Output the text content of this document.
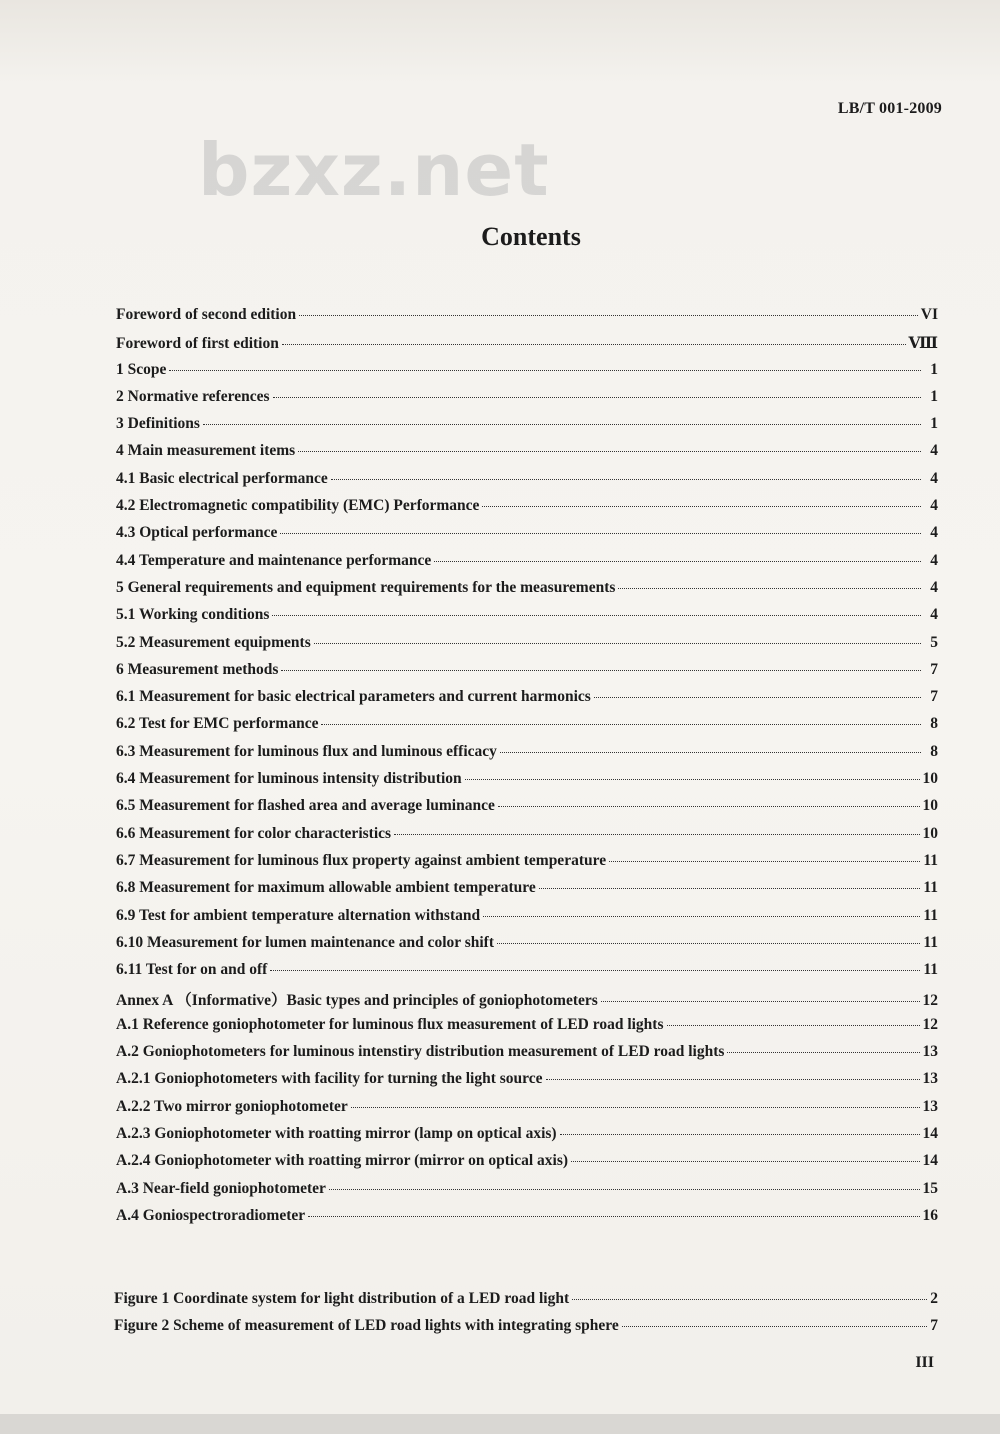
bzxz.net
LB/T 001-2009
Contents
Foreword of second edition	VI
Foreword of first edition	Ⅷ
1 Scope	1
2 Normative references	1
3 Definitions	1
4 Main measurement items	4
4.1 Basic electrical performance	4
4.2 Electromagnetic compatibility (EMC) Performance	4
4.3 Optical performance	4
4.4 Temperature and maintenance performance	4
5 General requirements and equipment requirements for the measurements	4
5.1 Working conditions	4
5.2 Measurement equipments	5
6 Measurement methods	7
6.1 Measurement for basic electrical parameters and current harmonics	7
6.2 Test for EMC performance	8
6.3 Measurement for luminous flux and luminous efficacy	8
6.4 Measurement for luminous intensity distribution	10
6.5 Measurement for flashed area and average luminance	10
6.6 Measurement for color characteristics	10
6.7 Measurement for luminous flux property against ambient temperature	11
6.8 Measurement for maximum allowable ambient temperature	11
6.9 Test for ambient temperature alternation withstand	11
6.10 Measurement for lumen maintenance and color shift	11
6.11 Test for on and off	11
Annex A （Informative）Basic types and principles of goniophotometers	12
A.1 Reference goniophotometer for luminous flux measurement of LED road lights	12
A.2 Goniophotometers for luminous intenstiry distribution measurement of LED road lights	13
A.2.1 Goniophotometers with facility for turning the light source	13
A.2.2 Two mirror goniophotometer	13
A.2.3 Goniophotometer with roatting mirror (lamp on optical axis)	14
A.2.4 Goniophotometer with roatting mirror (mirror on optical axis)	14
A.3 Near-field goniophotometer	15
A.4 Goniospectroradiometer	16
Figure 1 Coordinate system for light distribution of a LED road light	2
Figure 2 Scheme of measurement of LED road lights with integrating sphere	7
III
